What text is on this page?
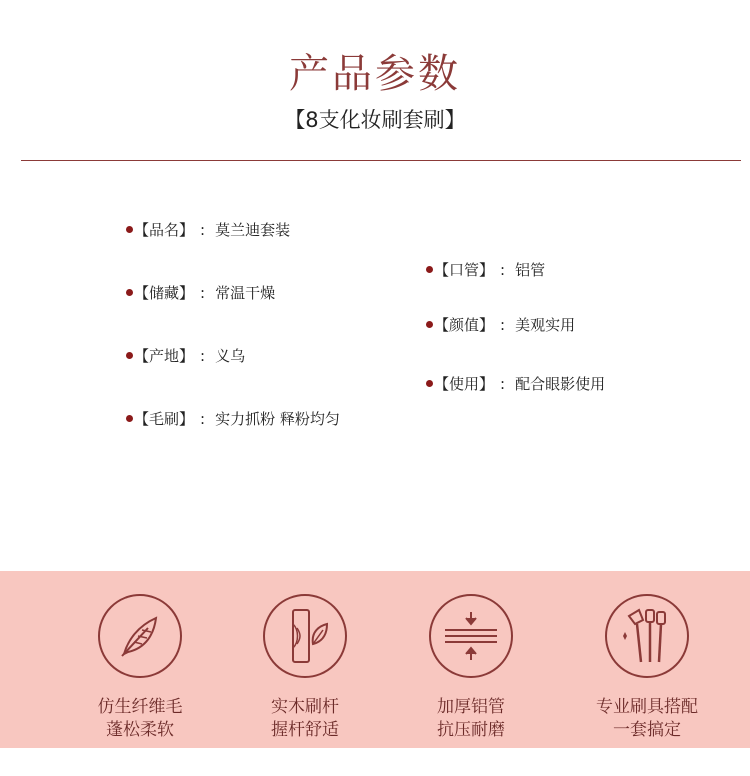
产品参数
【8支化妆刷套刷】
【品名】 : 莫兰迪套装
【储藏】 : 常温干燥
【产地】 : 义乌
【毛刷】 : 实力抓粉 释粉均匀
【口管】 : 铝管
【颜值】 : 美观实用
【使用】 : 配合眼影使用
仿生纤维毛
蓬松柔软
实木刷杆
握杆舒适
加厚铝管
抗压耐磨
专业刷具搭配
一套搞定
